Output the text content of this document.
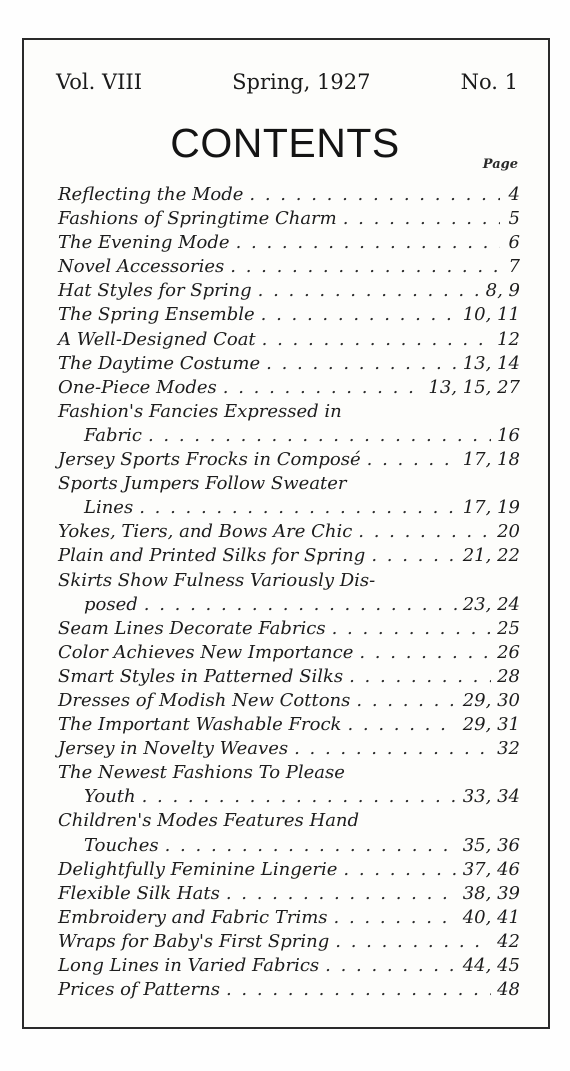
Vol. VIII	Spring, 1927	No. 1
CONTENTS	Page
Reflecting the Mode . . .	4
Fashions of Springtime Charm . . .	5
The Evening Mode . . .	6
Novel Accessories . . .	7
Hat Styles for Spring . . .	8, 9
The Spring Ensemble . . .	10, 11
A Well-Designed Coat . . .	12
The Daytime Costume . . .	13, 14
One-Piece Modes . . .	13, 15, 27
Fashion's Fancies Expressed in
Fabric . . .	16
Jersey Sports Frocks in Composé . . .	17, 18
Sports Jumpers Follow Sweater
Lines . . .	17, 19
Yokes, Tiers, and Bows Are Chic . . .	20
Plain and Printed Silks for Spring . . .	21, 22
Skirts Show Fulness Variously Dis-
posed . . .	23, 24
Seam Lines Decorate Fabrics . . .	25
Color Achieves New Importance . . .	26
Smart Styles in Patterned Silks . . .	28
Dresses of Modish New Cottons . . .	29, 30
The Important Washable Frock . . .	29, 31
Jersey in Novelty Weaves . . .	32
The Newest Fashions To Please
Youth . . .	33, 34
Children's Modes Features Hand
Touches . . .	35, 36
Delightfully Feminine Lingerie . . .	37, 46
Flexible Silk Hats . . .	38, 39
Embroidery and Fabric Trims . . .	40, 41
Wraps for Baby's First Spring . . .	42
Long Lines in Varied Fabrics . . .	44, 45
Prices of Patterns . . .	48
